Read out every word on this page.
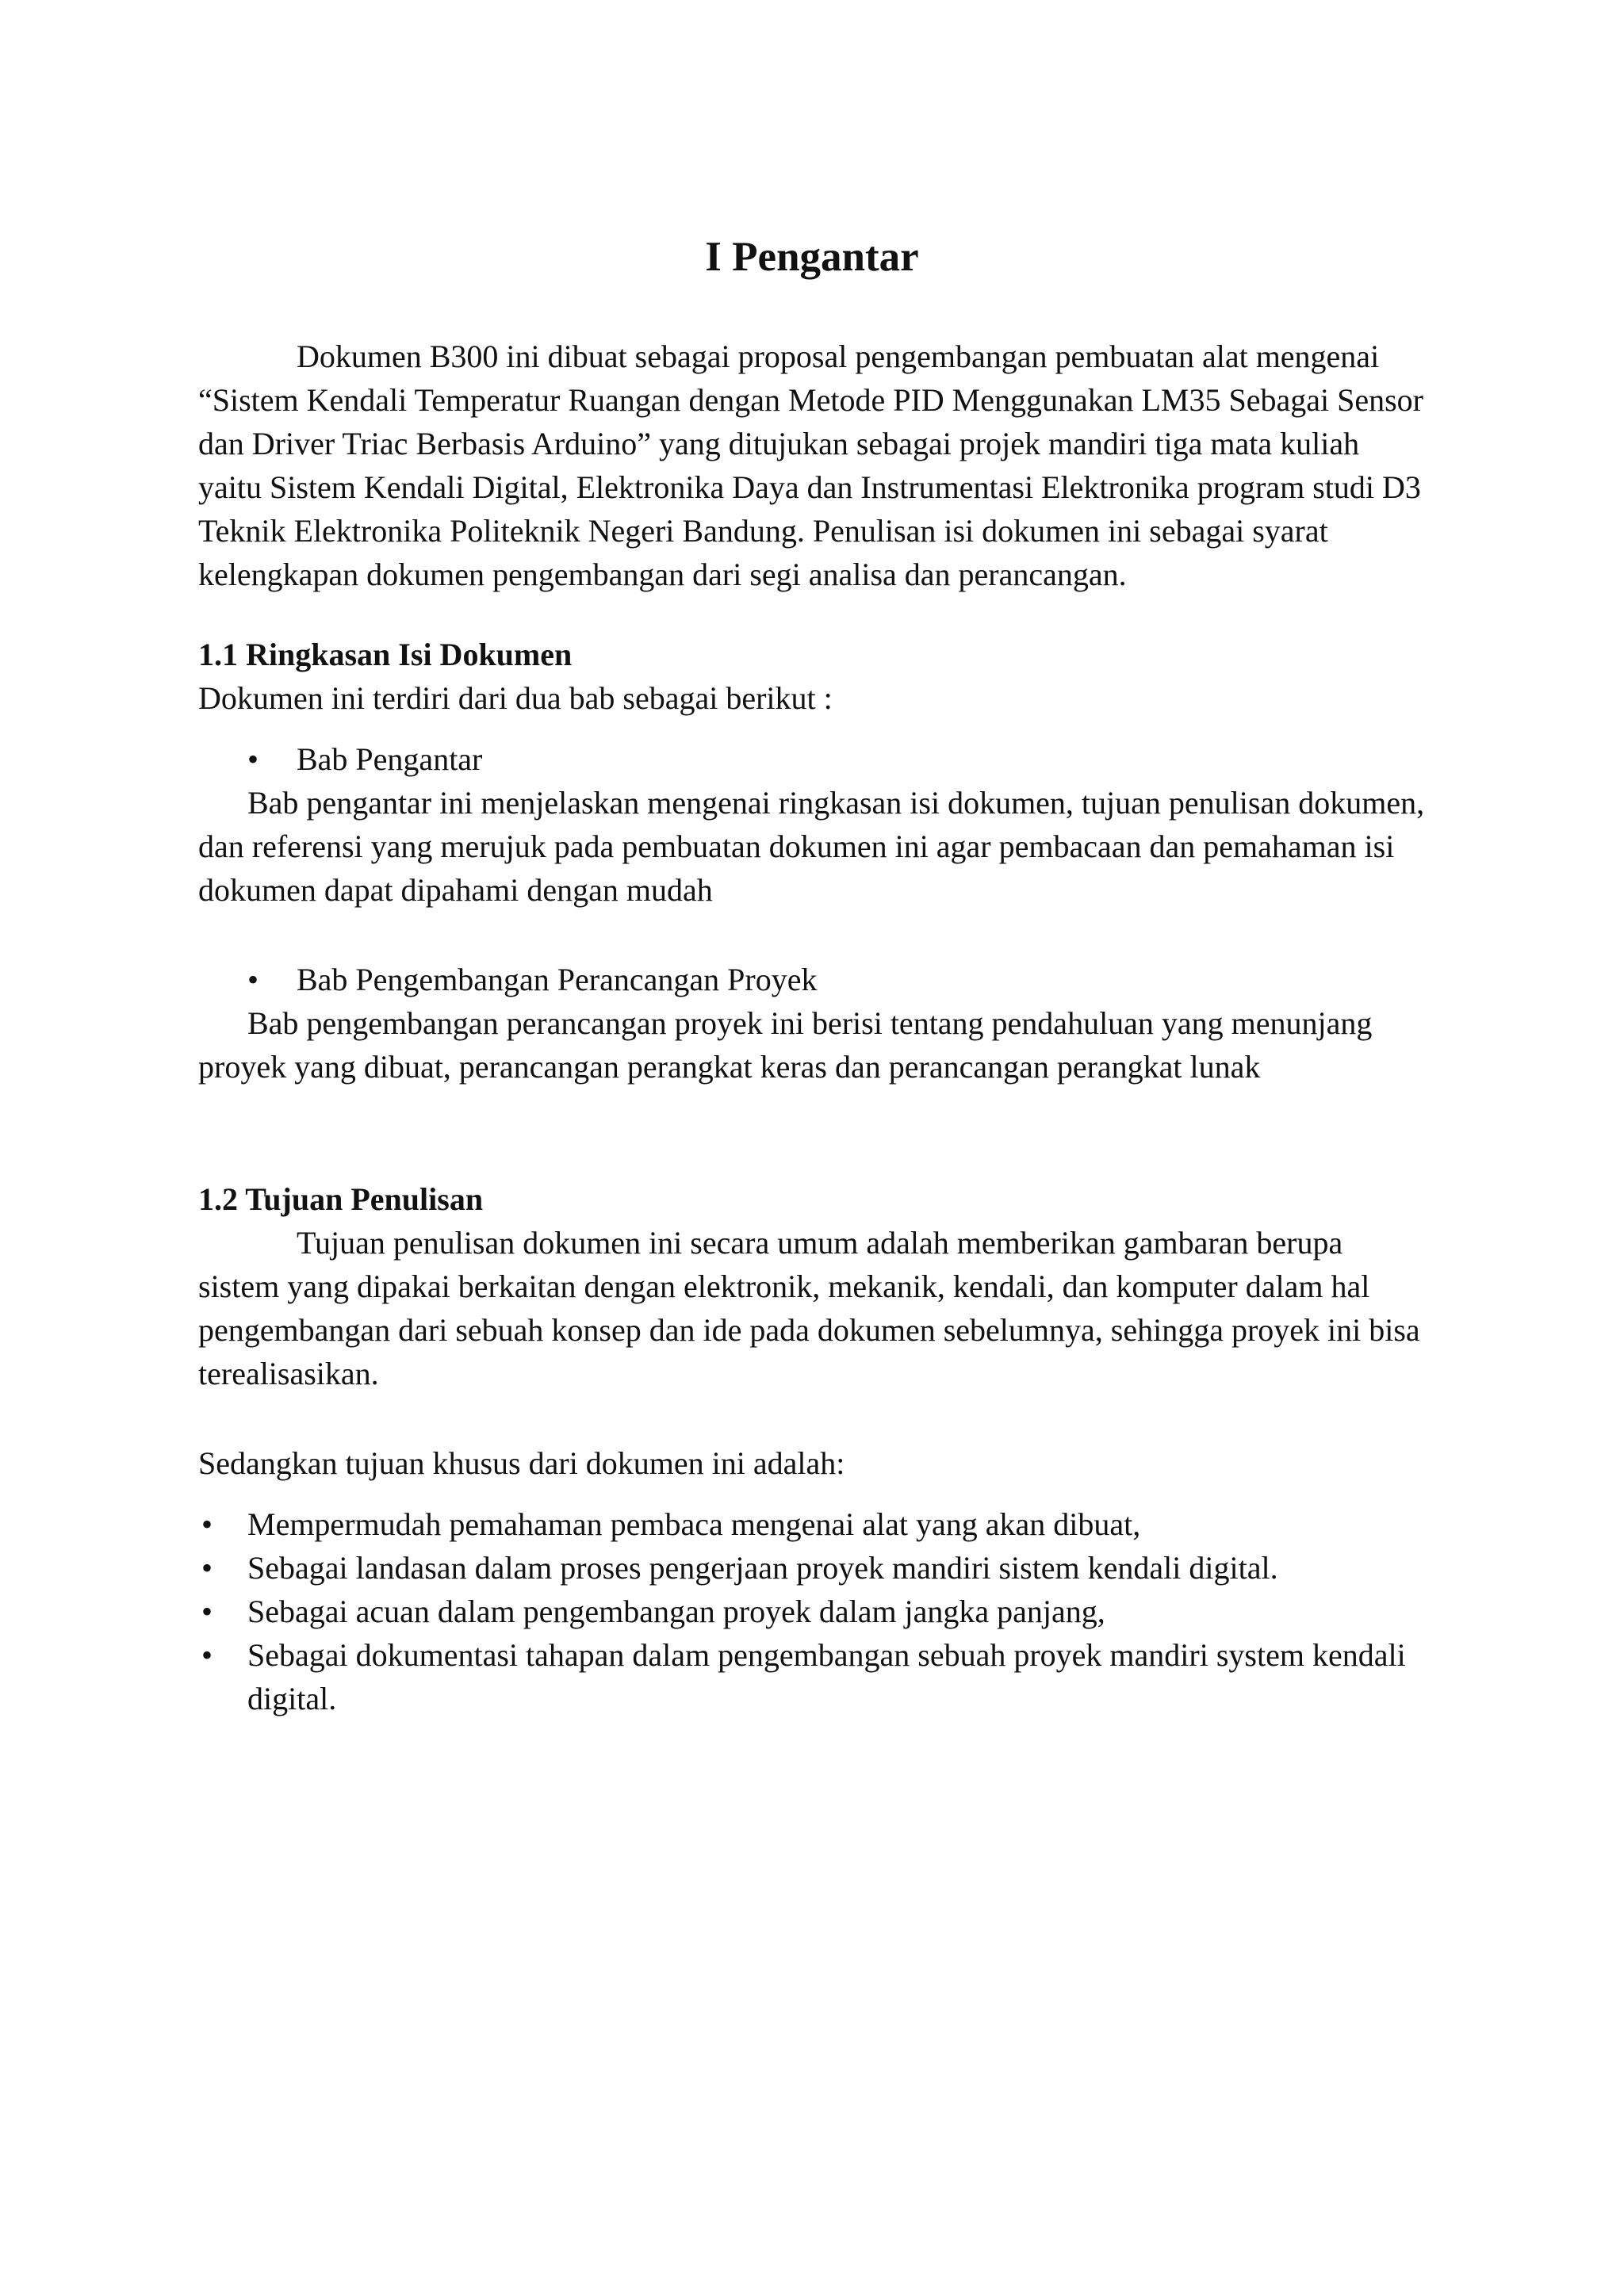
I Pengantar

Dokumen B300 ini dibuat sebagai proposal pengembangan pembuatan alat mengenai “Sistem Kendali Temperatur Ruangan dengan Metode PID Menggunakan LM35 Sebagai Sensor dan Driver Triac Berbasis Arduino” yang ditujukan sebagai projek mandiri tiga mata kuliah yaitu Sistem Kendali Digital, Elektronika Daya dan Instrumentasi Elektronika program studi D3 Teknik Elektronika Politeknik Negeri Bandung. Penulisan isi dokumen ini sebagai syarat kelengkapan dokumen pengembangan dari segi analisa dan perancangan.

1.1 Ringkasan Isi Dokumen

Dokumen ini terdiri dari dua bab sebagai berikut :

• Bab Pengantar

Bab pengantar ini menjelaskan mengenai ringkasan isi dokumen, tujuan penulisan dokumen, dan referensi yang merujuk pada pembuatan dokumen ini agar pembacaan dan pemahaman isi dokumen dapat dipahami dengan mudah

• Bab Pengembangan Perancangan Proyek

Bab pengembangan perancangan proyek ini berisi tentang pendahuluan yang menunjang proyek yang dibuat, perancangan perangkat keras dan perancangan perangkat lunak

1.2 Tujuan Penulisan

Tujuan penulisan dokumen ini secara umum adalah memberikan gambaran berupa sistem yang dipakai berkaitan dengan elektronik, mekanik, kendali, dan komputer dalam hal pengembangan dari sebuah konsep dan ide pada dokumen sebelumnya, sehingga proyek ini bisa terealisasikan.

Sedangkan tujuan khusus dari dokumen ini adalah:

• Mempermudah pemahaman pembaca mengenai alat yang akan dibuat,
• Sebagai landasan dalam proses pengerjaan proyek mandiri sistem kendali digital.
• Sebagai acuan dalam pengembangan proyek dalam jangka panjang,
• Sebagai dokumentasi tahapan dalam pengembangan sebuah proyek mandiri system kendali digital.
